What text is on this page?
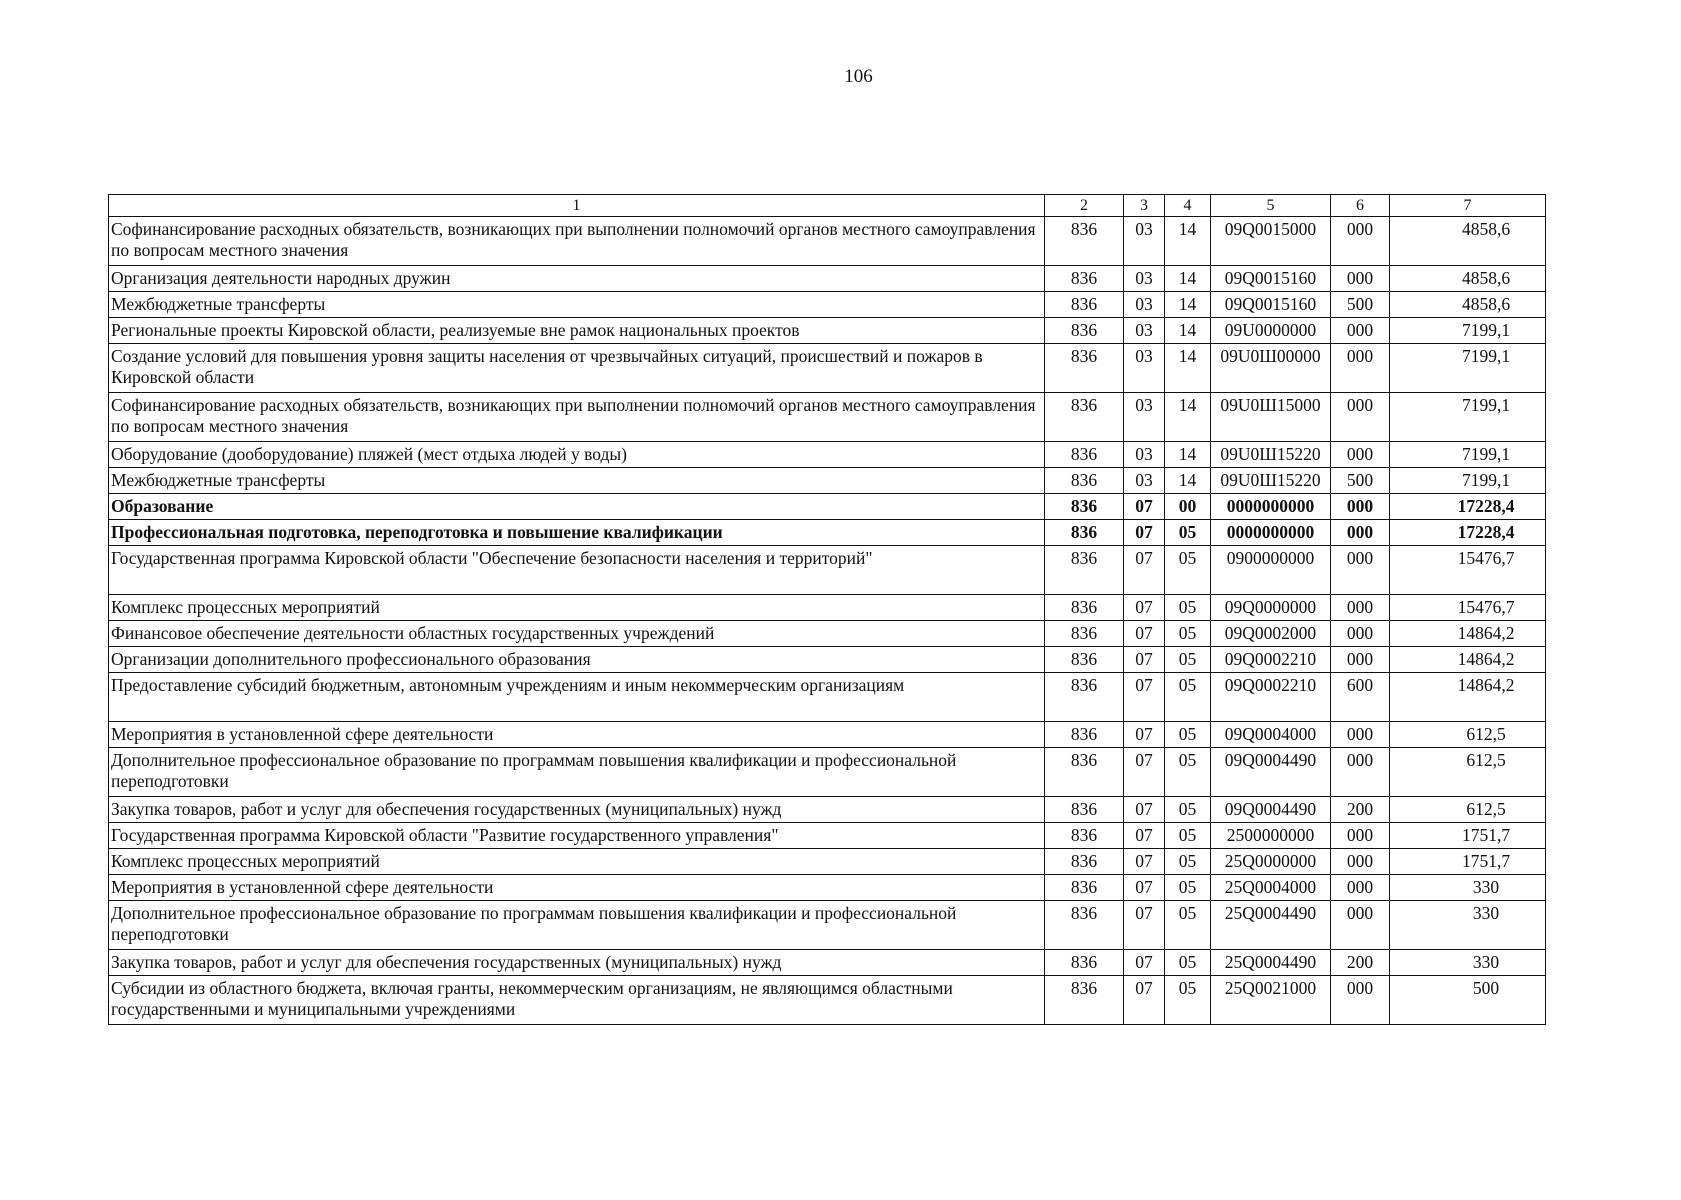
106
1	2	3	4	5	6	7
Софинансирование расходных обязательств, возникающих при выполнении полномочий органов местного самоуправления по вопросам местного значения	836	03	14	09Q0015000	000	4858,6
Организация деятельности народных дружин	836	03	14	09Q0015160	000	4858,6
Межбюджетные трансферты	836	03	14	09Q0015160	500	4858,6
Региональные проекты Кировской области, реализуемые вне рамок национальных проектов	836	03	14	09U0000000	000	7199,1
Создание условий для повышения уровня защиты населения от чрезвычайных ситуаций, происшествий и пожаров в Кировской области	836	03	14	09U0Ш00000	000	7199,1
Софинансирование расходных обязательств, возникающих при выполнении полномочий органов местного самоуправления по вопросам местного значения	836	03	14	09U0Ш15000	000	7199,1
Оборудование (дооборудование) пляжей (мест отдыха людей у воды)	836	03	14	09U0Ш15220	000	7199,1
Межбюджетные трансферты	836	03	14	09U0Ш15220	500	7199,1
Образование	836	07	00	0000000000	000	17228,4
Профессиональная подготовка, переподготовка и повышение квалификации	836	07	05	0000000000	000	17228,4
Государственная программа Кировской области "Обеспечение безопасности населения и территорий"	836	07	05	0900000000	000	15476,7
Комплекс процессных мероприятий	836	07	05	09Q0000000	000	15476,7
Финансовое обеспечение деятельности областных государственных учреждений	836	07	05	09Q0002000	000	14864,2
Организации дополнительного профессионального образования	836	07	05	09Q0002210	000	14864,2
Предоставление субсидий бюджетным, автономным учреждениям и иным некоммерческим организациям	836	07	05	09Q0002210	600	14864,2
Мероприятия в установленной сфере деятельности	836	07	05	09Q0004000	000	612,5
Дополнительное профессиональное образование по программам повышения квалификации и профессиональной переподготовки	836	07	05	09Q0004490	000	612,5
Закупка товаров, работ и услуг для обеспечения государственных (муниципальных) нужд	836	07	05	09Q0004490	200	612,5
Государственная программа Кировской области "Развитие государственного управления"	836	07	05	2500000000	000	1751,7
Комплекс процессных мероприятий	836	07	05	25Q0000000	000	1751,7
Мероприятия в установленной сфере деятельности	836	07	05	25Q0004000	000	330
Дополнительное профессиональное образование по программам повышения квалификации и профессиональной переподготовки	836	07	05	25Q0004490	000	330
Закупка товаров, работ и услуг для обеспечения государственных (муниципальных) нужд	836	07	05	25Q0004490	200	330
Субсидии из областного бюджета, включая гранты, некоммерческим организациям, не являющимся областными государственными и муниципальными учреждениями	836	07	05	25Q0021000	000	500
